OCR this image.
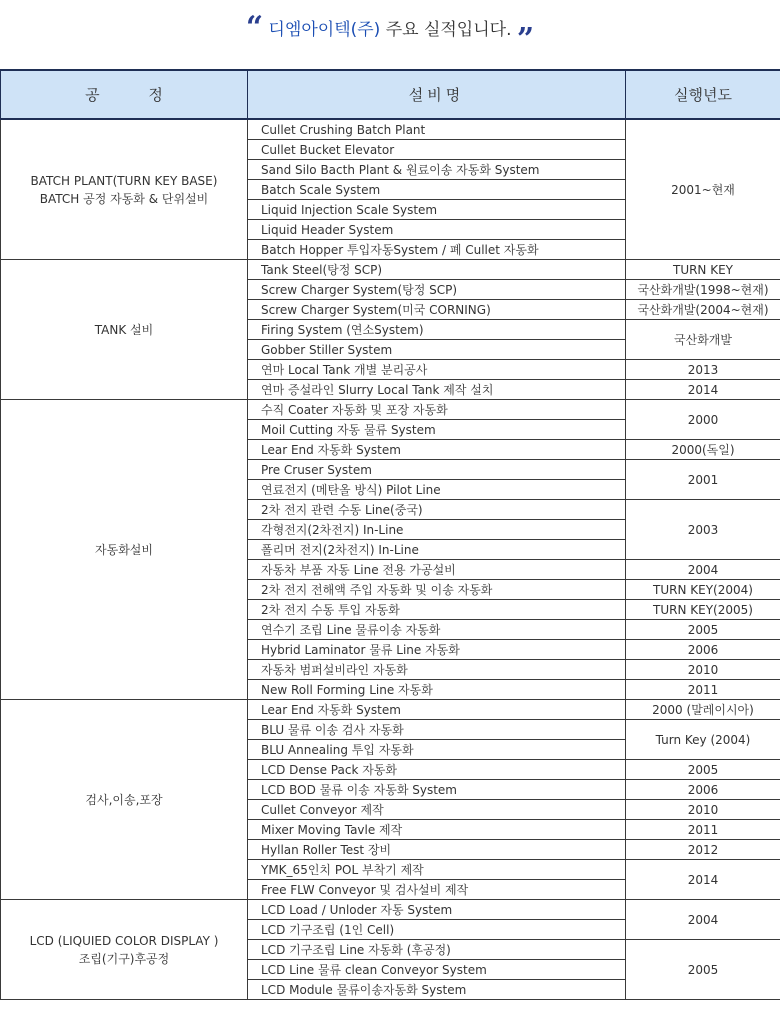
“ 디엠아이텍(주) 주요 실적입니다. ”
공 정	설비명	실행년도

BATCH PLANT(TURN KEY BASE)
BATCH 공정 자동화 & 단위설비	Cullet Crushing Batch Plant	2001~현재
	Cullet Bucket Elevator	
	Sand Silo Bacth Plant & 원료이송 자동화 System	
	Batch Scale System	
	Liquid Injection Scale System	
	Liquid Header System	
	Batch Hopper 투입자동System / 폐 Cullet 자동화	

TANK 설비	Tank Steel(탕정 SCP)	TURN KEY
	Screw Charger System(탕정 SCP)	국산화개발(1998~현재)
	Screw Charger System(미국 CORNING)	국산화개발(2004~현재)
	Firing System (연소System)	국산화개발
	Gobber Stiller System	
	연마 Local Tank 개별 분리공사	2013
	연마 증설라인 Slurry Local Tank 제작 설치	2014

자동화설비	수직 Coater 자동화 및 포장 자동화	2000
	Moil Cutting 자동 물류 System	
	Lear End 자동화 System	2000(독일)
	Pre Cruser System	2001
	연료전지 (메탄올 방식) Pilot Line	
	2차 전지 관련 수동 Line(중국)	2003
	각형전지(2차전지) In-Line	
	폴리머 전지(2차전지) In-Line	
	자동차 부품 자동 Line 전용 가공설비	2004
	2차 전지 전해액 주입 자동화 및 이송 자동화	TURN KEY(2004)
	2차 전지 수동 투입 자동화	TURN KEY(2005)
	연수기 조립 Line 물류이송 자동화	2005
	Hybrid Laminator 물류 Line 자동화	2006
	자동차 범퍼설비라인 자동화	2010
	New Roll Forming Line 자동화	2011

검사,이송,포장	Lear End 자동화 System	2000 (말레이시아)
	BLU 물류 이송 검사 자동화	Turn Key (2004)
	BLU Annealing 투입 자동화	
	LCD Dense Pack 자동화	2005
	LCD BOD 물류 이송 자동화 System	2006
	Cullet Conveyor 제작	2010
	Mixer Moving Tavle 제작	2011
	Hyllan Roller Test 장비	2012
	YMK_65인치 POL 부착기 제작	2014
	Free FLW Conveyor 및 검사설비 제작	

LCD (LIQUIED COLOR DISPLAY )
조립(기구)후공정	LCD Load / Unloder 자동 System	2004
	LCD 기구조립 (1인 Cell)	
	LCD 기구조립 Line 자동화 (후공정)	2005
	LCD Line 물류 clean Conveyor System	
	LCD Module 물류이송자동화 System	
